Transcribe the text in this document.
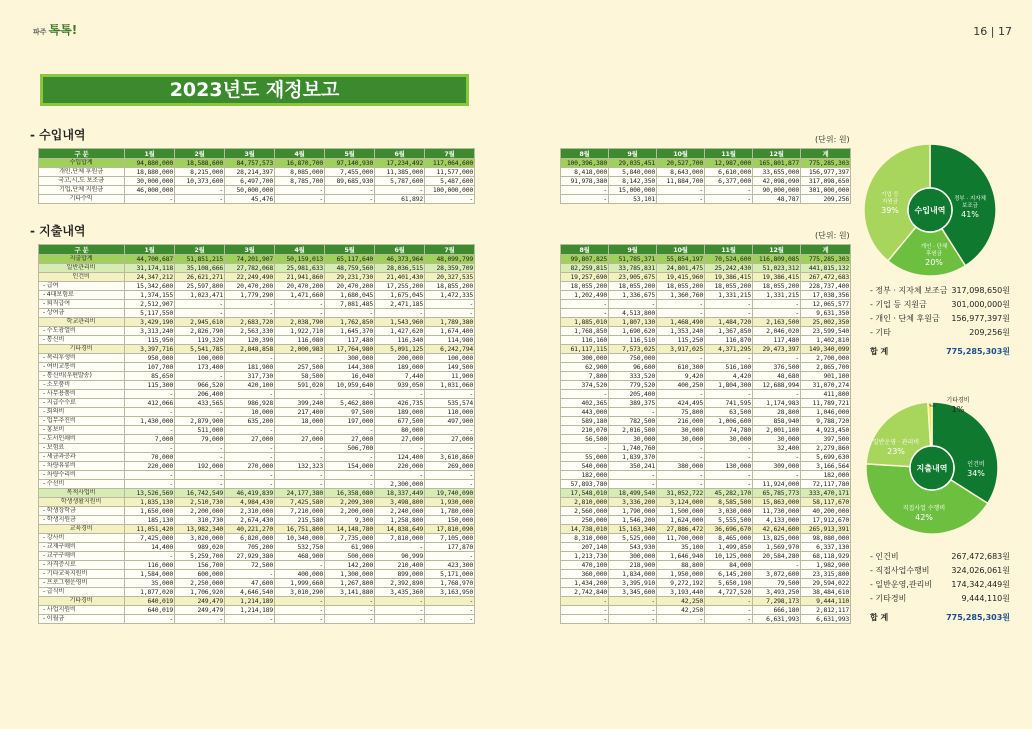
파주 톡톡!	16 | 17
2023년도 재정보고
- 수입내역	(단위: 원)
구 분	1월	2월	3월	4월	5월	6월	7월
수입합계	94,880,000	18,588,600	84,757,573	16,870,700	97,140,930	17,234,492	117,064,600
개인,단체 후원금	18,880,000	8,215,000	28,214,397	8,085,000	7,455,000	11,385,000	11,577,000
국고,시,도 보조금	30,000,000	10,373,600	6,497,700	8,785,700	89,685,930	5,787,600	5,487,600
기업,단체 지원금	46,000,000	-	50,000,000	-	-	-	100,000,000
기타수익	-	-	45,476	-	-	61,892	-
8월	9월	10월	11월	12월	계
100,396,380	29,035,451	20,527,700	12,987,000	165,801,877	775,285,303
8,418,000	5,840,000	8,643,000	6,610,000	33,655,000	156,977,397
91,978,380	8,142,350	11,884,700	6,377,000	42,098,090	317,098,650
-	15,000,000	-	-	90,000,000	301,000,000
-	53,101	-	-	48,787	209,256
- 지출내역	(단위: 원)
구 분	1월	2월	3월	4월	5월	6월	7월
지출합계	44,700,687	51,851,215	74,201,907	50,159,013	65,117,640	46,373,964	48,099,799
일반관리비	31,174,118	35,108,666	27,782,068	25,981,633	48,759,560	28,036,515	28,359,709
인건비	24,347,212	26,621,271	22,249,490	21,941,860	29,231,730	21,401,430	20,327,535
- 급여	15,342,600	25,597,800	20,470,200	20,470,200	20,470,200	17,255,200	18,855,200
- 4대보험료	1,374,155	1,023,471	1,779,290	1,471,660	1,680,045	1,675,045	1,472,335
- 퇴직급여	2,512,907	-	-	-	7,081,485	2,471,185	-
- 상여금	5,117,550	-	-	-	-	-	-
학교관리비	3,429,190	2,945,610	2,683,720	2,038,790	1,762,850	1,543,960	1,789,380
- 수도광열비	3,313,240	2,826,790	2,563,330	1,922,710	1,645,370	1,427,620	1,674,400
- 통신비	115,950	119,320	120,390	116,080	117,480	116,340	114,980
기타경비	3,397,716	5,541,785	2,848,858	2,000,983	17,764,980	5,091,125	6,242,794
- 복리후생비	950,000	100,000	-	-	300,000	200,000	100,000
- 여비교통비	107,700	173,400	181,900	257,500	144,300	189,000	149,500
- 통신비(우편발송)	85,650	-	317,730	58,500	16,040	7,440	11,900
- 소모품비	115,300	966,520	420,100	591,020	10,959,640	939,050	1,031,060
- 사무용품비	-	206,400	-	-	-	-	-
- 지급수수료	412,066	433,565	986,928	399,240	5,462,800	426,735	535,574
- 회의비	-	-	10,000	217,400	97,500	189,000	110,000
- 업무추진비	1,430,000	2,879,900	635,200	18,000	197,000	677,500	497,900
- 홍보비	-	511,000	-	-	-	80,000	-
- 도서인쇄비	7,000	79,000	27,000	27,000	27,000	27,000	27,000
- 보험료	-	-	-	-	506,700	-	-
- 세금과공과	70,000	-	-	-	-	124,400	3,610,860
- 차량유류비	220,000	192,000	270,000	132,323	154,000	220,000	269,000
- 차량수리비	-	-	-	-	-	-	-
- 수선비	-	-	-	-	-	2,300,000	-
목적사업비	13,526,569	16,742,549	46,419,839	24,177,380	16,358,080	18,337,449	19,740,090
학생생활지원비	1,835,130	2,510,730	4,984,430	7,425,580	2,209,300	3,498,800	1,930,000
- 학생장학금	1,650,000	2,200,000	2,310,000	7,210,000	2,200,000	2,240,000	1,780,000
- 학생지원금	185,130	310,730	2,674,430	215,580	9,300	1,258,800	150,000
교육경비	11,051,420	13,982,340	40,221,270	16,751,800	14,148,780	14,838,649	17,810,090
- 강사비	7,425,000	3,020,000	6,820,000	10,340,000	7,735,000	7,810,000	7,105,000
- 교재구매비	14,400	989,020	705,200	532,750	61,900	-	177,870
- 교구구매비	-	5,259,700	27,929,380	468,900	500,000	90,999	-
- 자격증시료	116,000	156,700	72,500	-	142,200	210,400	423,300
- 기타교육지원비	1,584,000	600,000	-	400,000	1,300,000	899,000	5,171,000
- 프로그램운영비	35,000	2,250,000	47,600	1,999,660	1,267,800	2,392,890	1,768,970
- 급식비	1,877,020	1,706,920	4,646,540	3,010,290	3,141,880	3,435,360	3,163,950
기타경비	640,019	249,479	1,214,189	-	-	-	-
- 사업지원비	640,019	249,479	1,214,189	-	-	-	-
- 이월금	-	-	-	-	-	-	-
8월	9월	10월	11월	12월	계
99,807,825	51,785,371	55,854,197	70,524,600	116,809,085	775,285,303
82,259,815	33,785,831	24,801,475	25,242,430	51,023,312	441,815,132
19,257,690	23,905,675	19,415,960	19,386,415	19,386,415	267,472,683
18,055,200	18,055,200	18,055,200	18,055,200	18,055,200	228,737,400
1,202,490	1,336,675	1,360,760	1,331,215	1,331,215	17,038,356
-	-	-	-	-	12,065,577
-	4,513,800	-	-	-	9,631,350
1,885,010	1,807,130	1,468,490	1,484,720	2,163,500	25,002,350
1,768,850	1,690,620	1,353,240	1,367,850	2,046,020	23,599,540
116,160	116,510	115,250	116,870	117,480	1,402,810
61,117,115	7,573,025	3,917,025	4,371,295	29,473,397	149,340,099
300,000	750,000	-	-	-	2,700,000
62,900	96,600	610,300	516,100	376,500	2,865,700
7,800	333,520	9,420	4,420	48,680	901,100
374,520	779,520	400,250	1,804,300	12,688,994	31,070,274
-	205,400	-	-	-	411,800
402,365	389,375	424,495	741,595	1,174,983	11,789,721
443,000	-	75,800	63,500	28,800	1,046,000
589,180	782,500	216,000	1,006,600	858,940	9,788,720
210,070	2,016,500	30,000	74,780	2,001,100	4,923,450
56,500	30,000	30,000	30,000	30,000	397,500
-	1,740,760	-	-	32,400	2,279,860
55,000	1,839,370	-	-	-	5,699,630
540,000	350,241	380,000	130,000	309,000	3,166,564
182,000	-	-	-	-	182,000
57,893,780	-	-	-	11,924,000	72,117,780
17,548,010	18,499,540	31,052,722	45,282,170	65,785,773	333,470,171
2,810,000	3,336,200	3,124,000	8,585,500	15,863,000	58,117,670
2,560,000	1,790,000	1,500,000	3,030,000	11,730,000	40,200,000
250,000	1,546,200	1,624,000	5,555,500	4,133,000	17,912,670
14,738,010	15,163,340	27,886,472	36,696,670	42,624,600	265,913,391
8,310,000	5,525,000	11,700,000	8,465,000	13,825,000	98,080,000
207,140	543,930	35,100	1,499,850	1,569,970	6,337,130
1,213,730	300,000	1,646,940	10,125,000	20,584,280	68,118,929
470,100	218,900	88,800	84,000	-	1,982,900
360,000	1,834,000	1,950,000	6,145,200	3,072,600	23,315,800
1,434,200	3,395,910	9,272,192	5,650,190	79,500	29,594,022
2,742,840	3,345,600	3,193,440	4,727,520	3,493,250	38,484,610
-	-	42,250	-	7,298,173	9,444,110
-	-	42,250	-	666,180	2,812,117
-	-	-	-	6,631,993	6,631,993
정부 · 지자체
보조금
41%
개인 · 단체
후원금
20%
기업 등
지원금
39% 수입내역
- 정부 · 지자체 보조금 317,098,650원
- 기업 등 지원금	301,000,000원
- 개인 · 단체 후원금 156,977,397원
- 기타	209,256원
합 계	775,285,303원
인건비
34%
직접사업 수행비
42%
일반운영 · 관리비
23%
기타경비
1%
지출내역
- 인건비	267,472,683원
- 직접사업수행비	324,026,061원
- 일반운영,관리비 174,342,449원
- 기타경비	9,444,110원
합 계	775,285,303원
